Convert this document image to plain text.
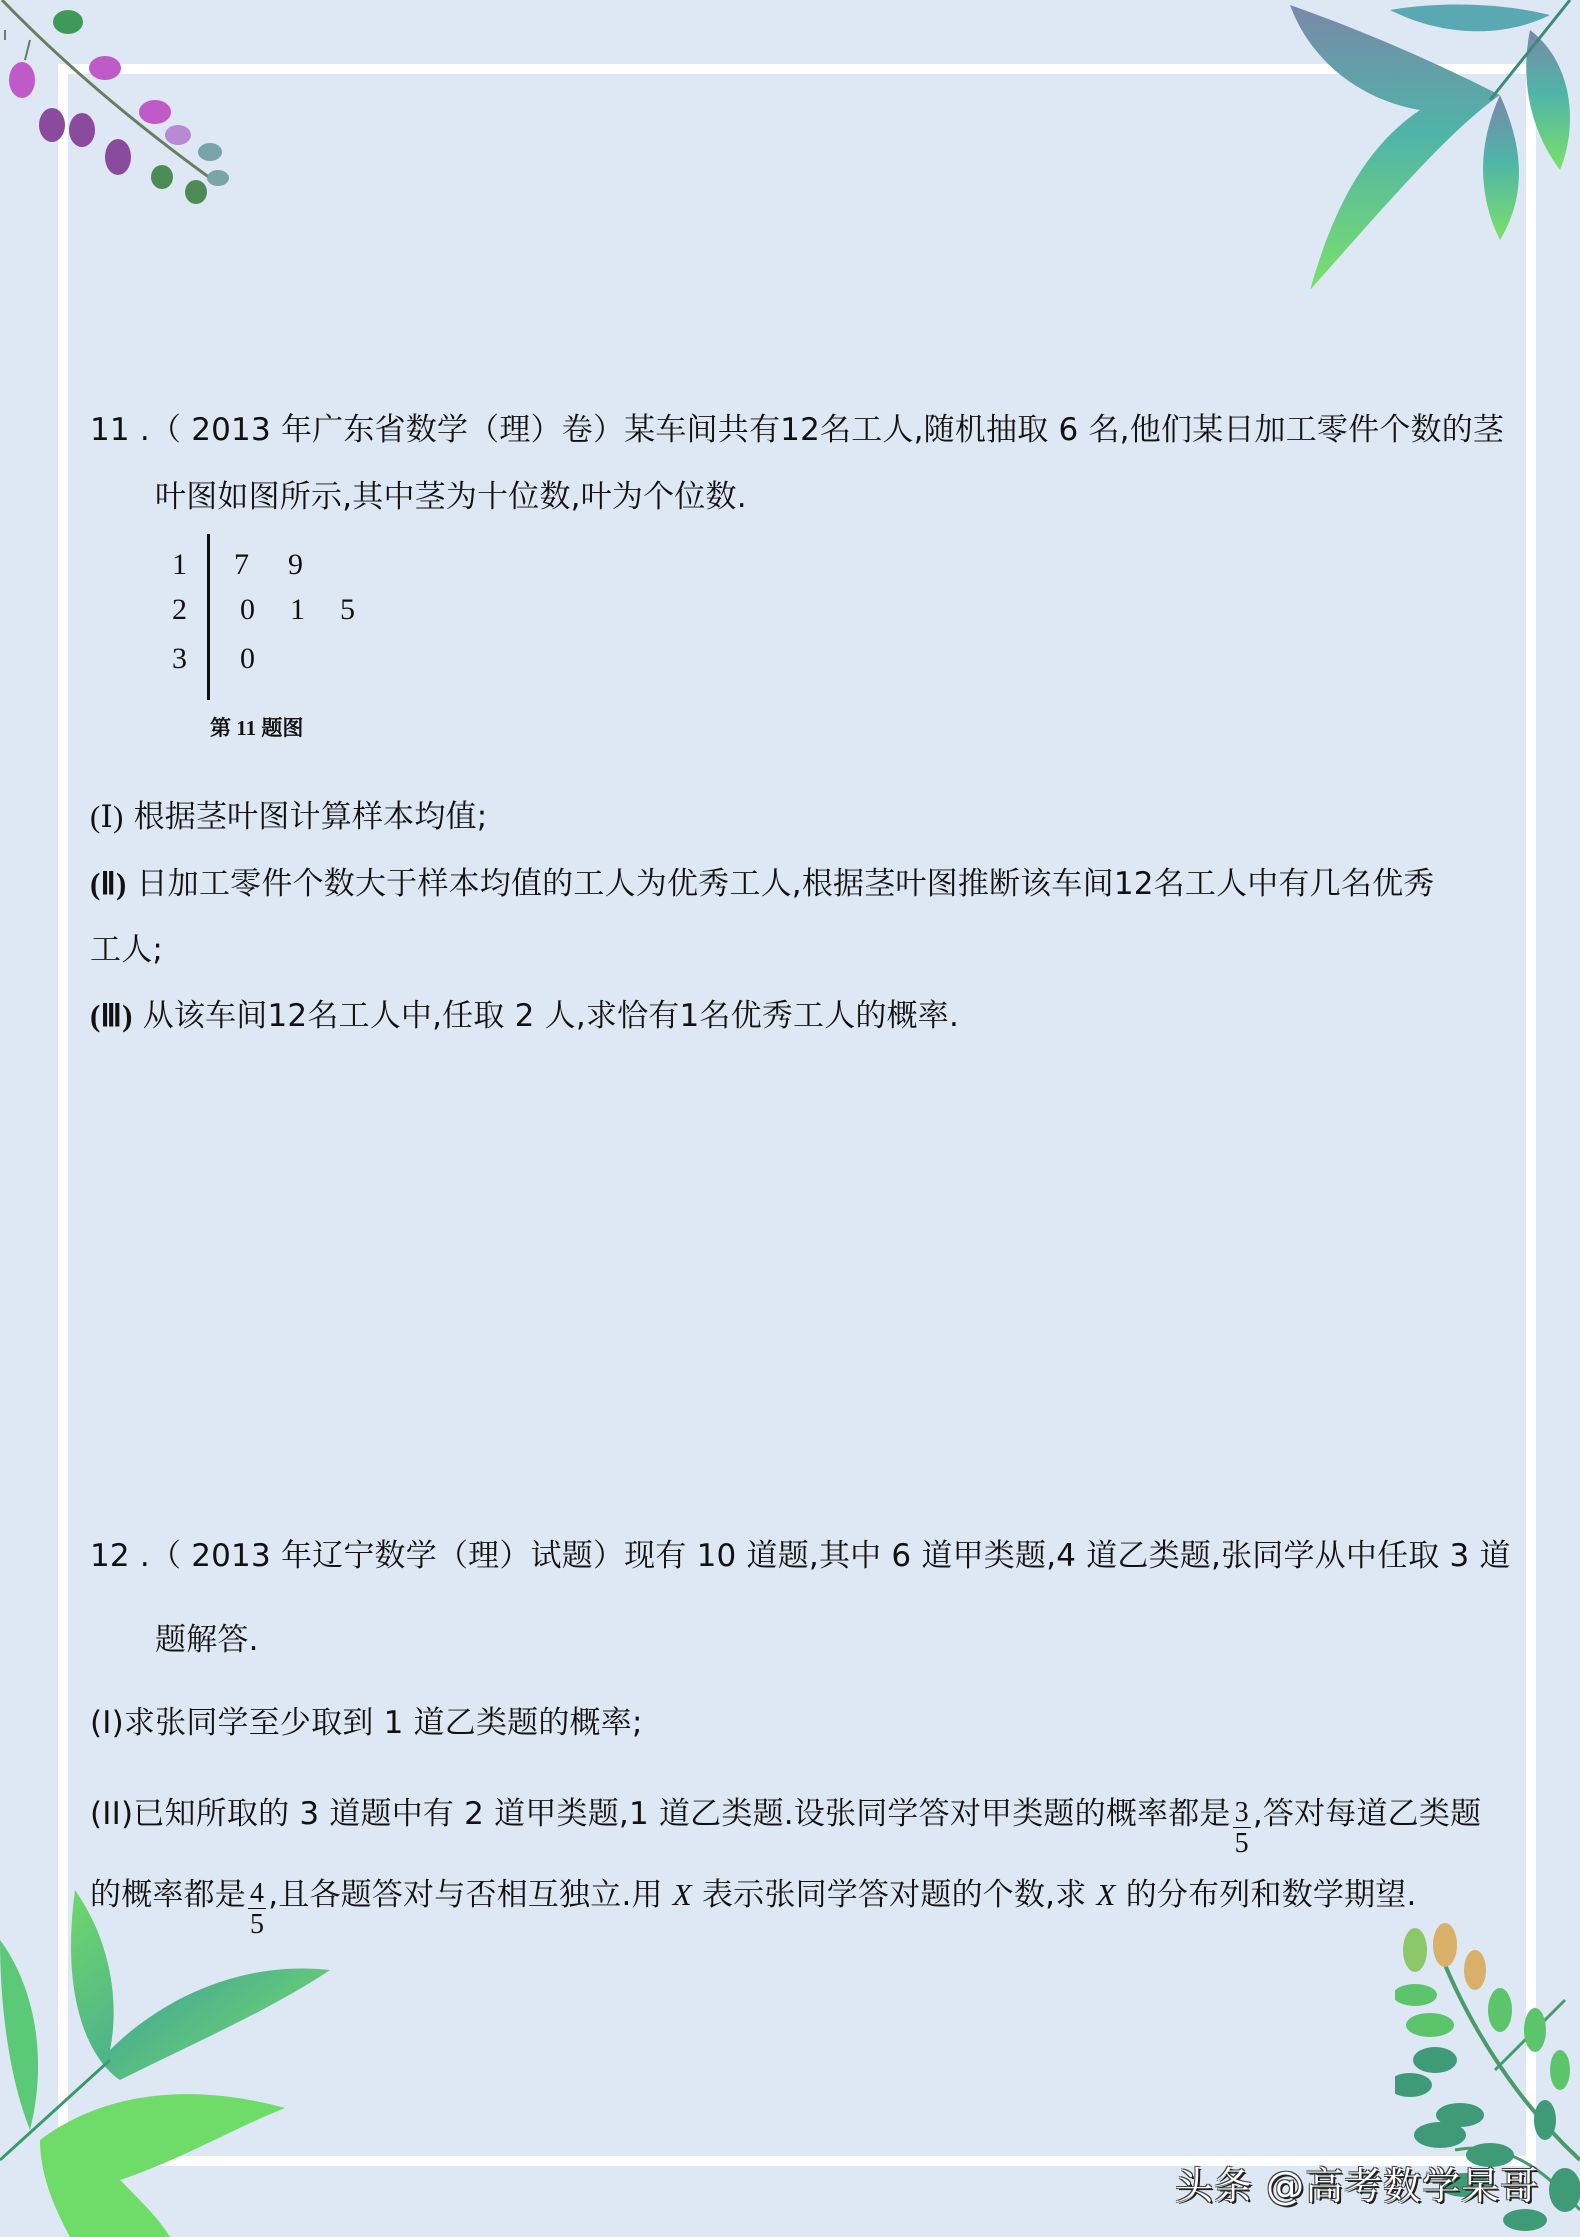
11 .（ 2013 年广东省数学（理）卷）某车间共有12名工人,随机抽取 6 名,他们某日加工零件个数的茎
叶图如图所示,其中茎为十位数,叶为个位数.
1 7 9
2 0 1 5
3 0
第 11 题图
(Ⅰ) 根据茎叶图计算样本均值;
(Ⅱ) 日加工零件个数大于样本均值的工人为优秀工人,根据茎叶图推断该车间12名工人中有几名优秀
工人;
(Ⅲ) 从该车间12名工人中,任取 2 人,求恰有1名优秀工人的概率.
12 .（ 2013 年辽宁数学（理）试题）现有 10 道题,其中 6 道甲类题,4 道乙类题,张同学从中任取 3 道
题解答.
(I)求张同学至少取到 1 道乙类题的概率;
(II)已知所取的 3 道题中有 2 道甲类题,1 道乙类题.设张同学答对甲类题的概率都是 $\frac{3}{5}$ ,答对每道乙类题
的概率都是 $\frac{4}{5}$ ,且各题答对与否相互独立.用 X 表示张同学答对题的个数,求 X 的分布列和数学期望.
头条 @高考数学杲哥
